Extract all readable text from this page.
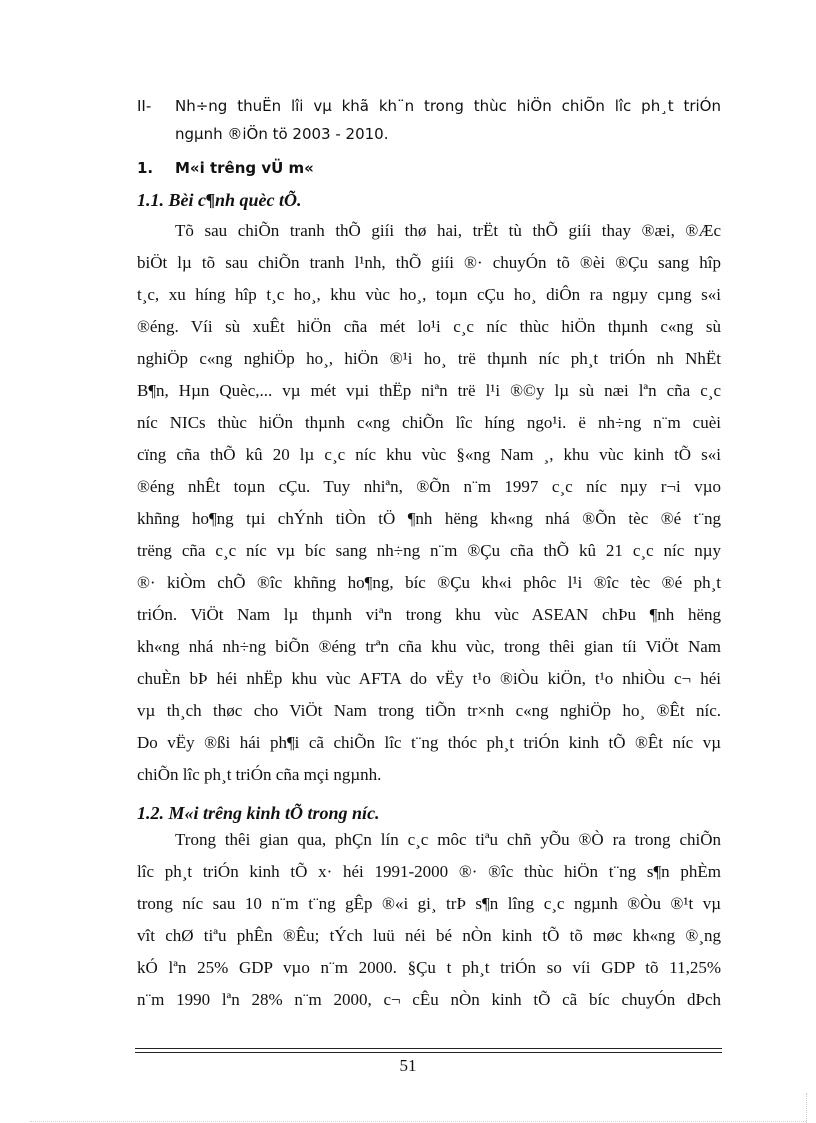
II- Nh÷ng thuËn lîi vµ khã kh¨n trong thùc hiÖn chiÕn lîc ph¸t triÓn
ngµnh ®iÖn tö 2003 - 2010.
1. M«i trêng vÜ m«
1.1. Bèi c¶nh quèc tÕ.
Tõ sau chiÕn tranh thÕ giíi thø hai, trËt tù thÕ giíi thay ®æi, ®Æc
biÖt lµ tõ sau chiÕn tranh l¹nh, thÕ giíi ®· chuyÓn tõ ®èi ®Çu sang hîp
t¸c, xu híng hîp t¸c ho¸, khu vùc ho¸, toµn cÇu ho¸ diÔn ra ngµy cµng s«i
®éng. Víi sù xuÊt hiÖn cña mét lo¹i c¸c níc thùc hiÖn thµnh c«ng sù
nghiÖp c«ng nghiÖp ho¸, hiÖn ®¹i ho¸ trë thµnh níc ph¸t triÓn nh NhËt
B¶n, Hµn Quèc,... vµ mét vµi thËp niªn trë l¹i ®©y lµ sù næi lªn cña c¸c
níc NICs thùc hiÖn thµnh c«ng chiÕn lîc híng ngo¹i. ë nh÷ng n¨m cuèi
cïng cña thÕ kû 20 lµ c¸c níc khu vùc §«ng Nam ¸, khu vùc kinh tÕ s«i
®éng nhÊt toµn cÇu. Tuy nhiªn, ®Õn n¨m 1997 c¸c níc nµy r¬i vµo
khñng ho¶ng tµi chÝnh tiÒn tÖ ¶nh hëng kh«ng nhá ®Õn tèc ®é t¨ng
trëng cña c¸c níc vµ bíc sang nh÷ng n¨m ®Çu cña thÕ kû 21 c¸c níc nµy
®· kiÒm chÕ ®îc khñng ho¶ng, bíc ®Çu kh«i phôc l¹i ®îc tèc ®é ph¸t
triÓn. ViÖt Nam lµ thµnh viªn trong khu vùc ASEAN chÞu ¶nh hëng
kh«ng nhá nh÷ng biÕn ®éng trªn cña khu vùc, trong thêi gian tíi ViÖt Nam
chuÈn bÞ héi nhËp khu vùc AFTA do vËy t¹o ®iÒu kiÖn, t¹o nhiÒu c¬ héi
vµ th¸ch thøc cho ViÖt Nam trong tiÕn tr×nh c«ng nghiÖp ho¸ ®Êt níc.
Do vËy ®ßi hái ph¶i cã chiÕn lîc t¨ng thóc ph¸t triÓn kinh tÕ ®Êt níc vµ
chiÕn lîc ph¸t triÓn cña mçi ngµnh.
1.2. M«i trêng kinh tÕ trong níc.
Trong thêi gian qua, phÇn lín c¸c môc tiªu chñ yÕu ®Ò ra trong chiÕn
lîc ph¸t triÓn kinh tÕ x· héi 1991-2000 ®· ®îc thùc hiÖn t¨ng s¶n phÈm
trong níc sau 10 n¨m t¨ng gÊp ®«i gi¸ trÞ s¶n lîng c¸c ngµnh ®Òu ®¹t vµ
vît chØ tiªu phÊn ®Êu; tÝch luü néi bé nÒn kinh tÕ tõ møc kh«ng ®¸ng
kÓ lªn 25% GDP vµo n¨m 2000. §Çu t ph¸t triÓn so víi GDP tõ 11,25%
n¨m 1990 lªn 28% n¨m 2000, c¬ cÊu nÒn kinh tÕ cã bíc chuyÓn dÞch
51
